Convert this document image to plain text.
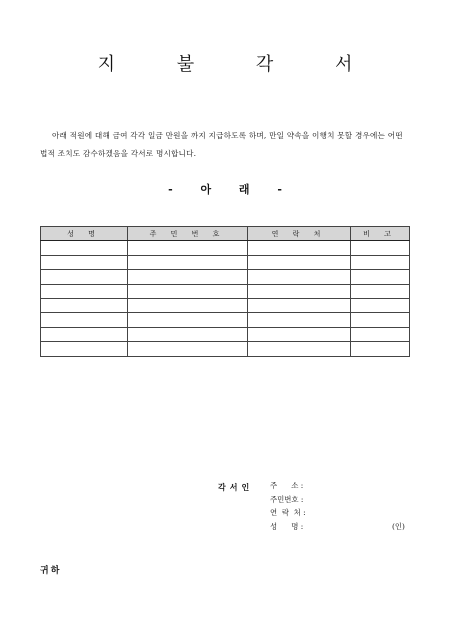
지 불 각 서
아래 적원에 대해 금여 각각 일금 만원을 까지 지급하도록 하며, 만일 약속을 이행치 못할 경우에는 어떤 법적 조치도 감수하겠음을 각서로 명시합니다.
- 아 래 -
성 명	주 민 번 호	연 락 처	비 고

각서인	주      소 :
주민번호 :
연  락  처 :
성      명 :	(인)
귀하
